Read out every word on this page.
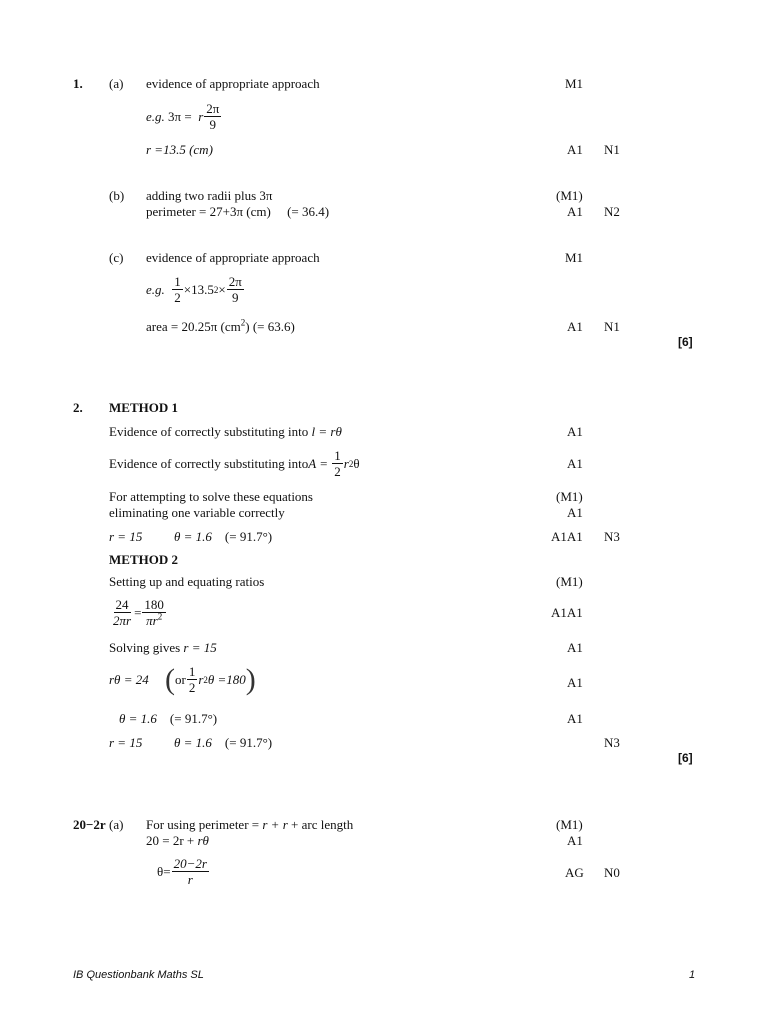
1. (a) evidence of appropriate approach	M1
e.g.
3π =
r $\frac{2\pi}{9}$
r =13.5 (cm)	A1 N1
(b) adding two radii plus 3π	(M1)
perimeter = 27+3π (cm)     (= 36.4)	A1 N2
(c) evidence of appropriate approach	M1
e.g.
$\frac{1}{2} \times 13.5$ $2 \times \frac{2\pi}{9}$
area = 20.25π $(cm^2)$ (= 63.6)	A1 N1
[6]
2. METHOD 1
Evidence of correctly substituting into l = rθ	A1
Evidence of correctly substituting into A =
$\frac{1}{2}$ r 2 θ	A1
For attempting to solve these equations	(M1)
eliminating one variable correctly	A1
r = 15 θ = 1.6 (= 91.7°)	A1A1 N3
METHOD 2
Setting up and equating ratios	(M1)
$\frac{24}{2\pi r} = \frac{180}{\pi r^2}$	A1A1
Solving gives r = 15	A1
rθ = 24
( or $\frac{1}{2}$ r 2 θ =180 )	A1
θ = 1.6 (= 91.7°)	A1
r = 15 θ = 1.6 (= 91.7°)	N3
[6]
20−2r (a) For using perimeter = r + r + arc length	(M1)
20 = 2r + rθ	A1
$\theta= \frac{20-2r}{r}$	AG N0
IB Questionbank Maths SL	1
